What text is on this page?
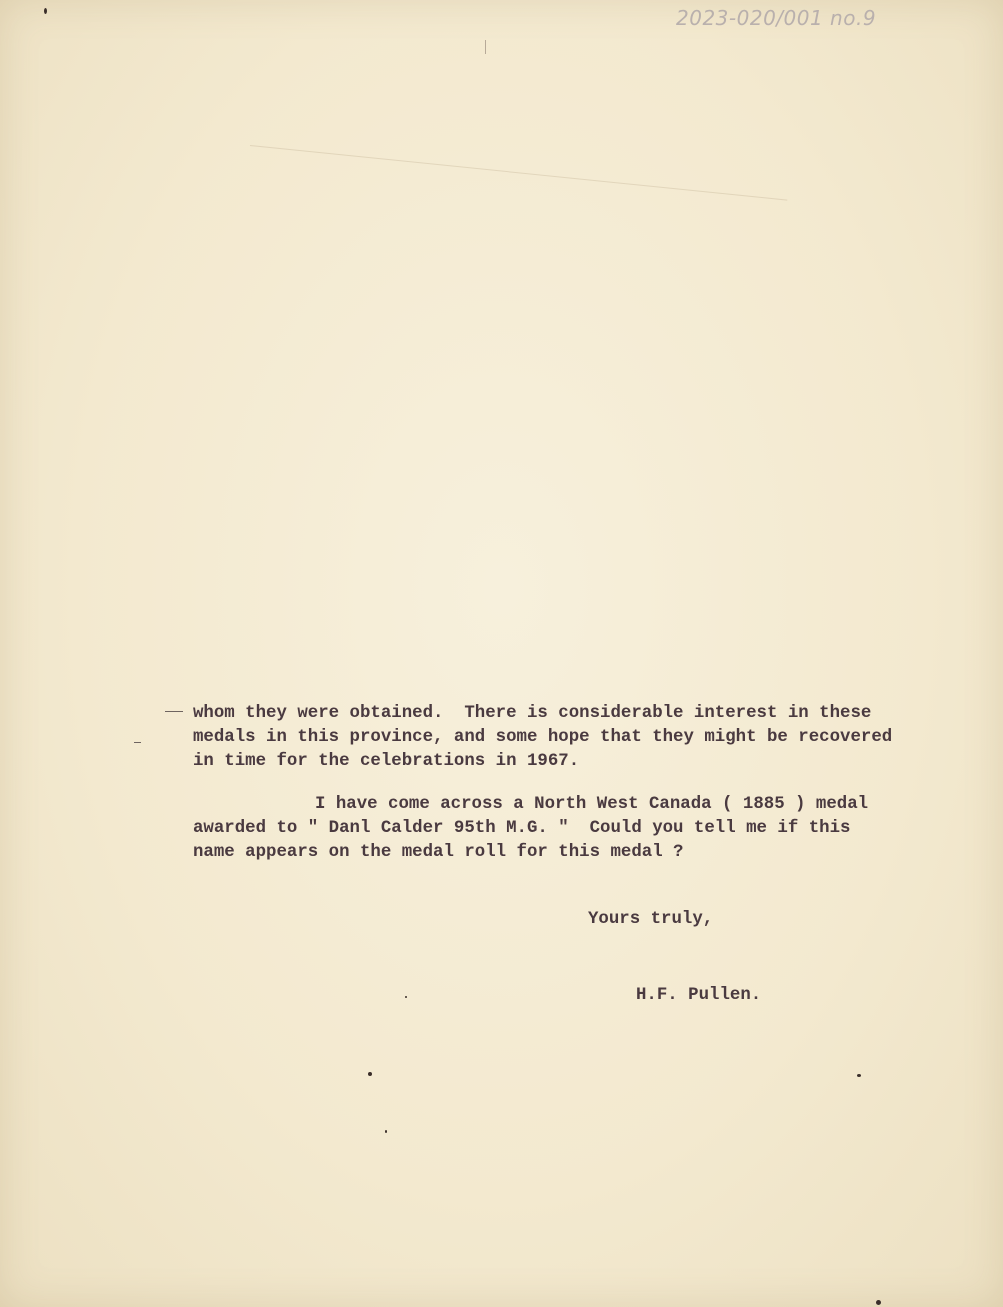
2023-020/001 no.9
whom they were obtained.  There is considerable interest in these
medals in this province, and some hope that they might be recovered
in time for the celebrations in 1967.
I have come across a North West Canada ( 1885 ) medal
awarded to " Danl Calder 95th M.G. "  Could you tell me if this
name appears on the medal roll for this medal ?
Yours truly,
H.F. Pullen.
